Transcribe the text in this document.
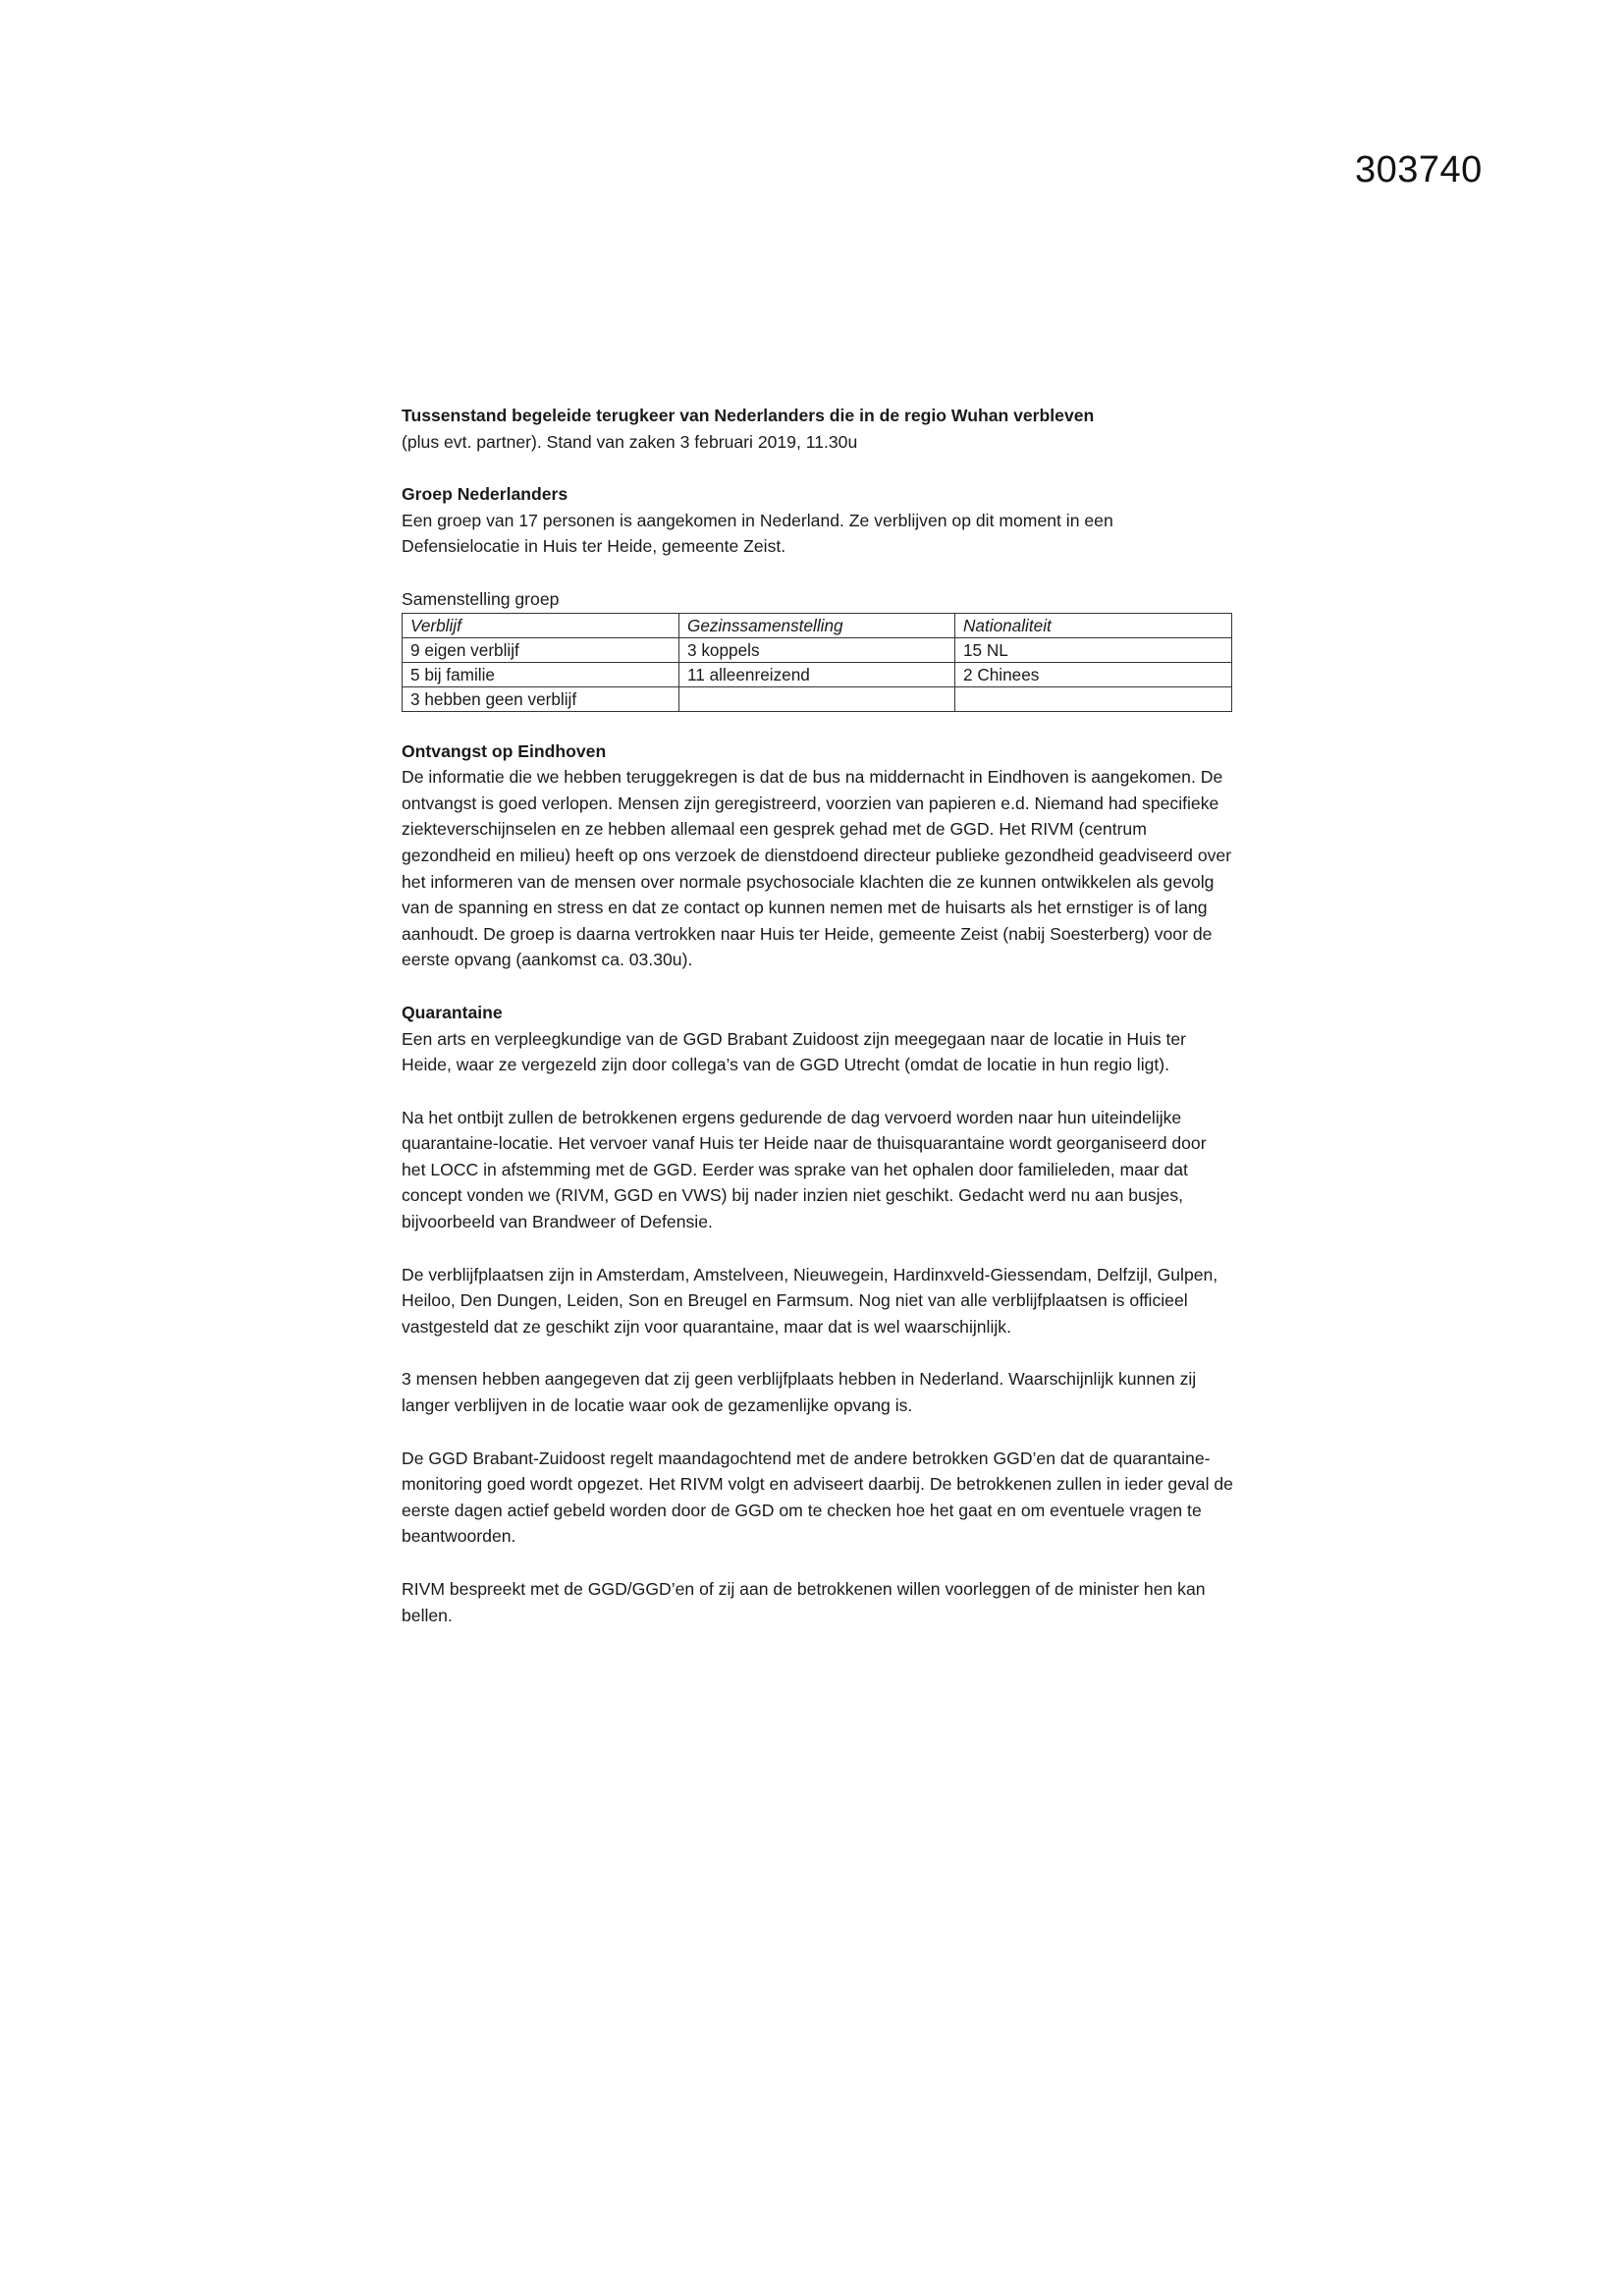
303740

Tussenstand begeleide terugkeer van Nederlanders die in de regio Wuhan verbleven

(plus evt. partner). Stand van zaken 3 februari 2019, 11.30u

Groep Nederlanders

Een groep van 17 personen is aangekomen in Nederland. Ze verblijven op dit moment in een Defensielocatie in Huis ter Heide, gemeente Zeist.

Samenstelling groep

Verblijf	Gezinssamenstelling	Nationaliteit
9 eigen verblijf	3 koppels	15 NL
5 bij familie	11 alleenreizend	2 Chinees
3 hebben geen verblijf		

Ontvangst op Eindhoven

De informatie die we hebben teruggekregen is dat de bus na middernacht in Eindhoven is aangekomen. De ontvangst is goed verlopen. Mensen zijn geregistreerd, voorzien van papieren e.d. Niemand had specifieke ziekteverschijnselen en ze hebben allemaal een gesprek gehad met de GGD. Het RIVM (centrum gezondheid en milieu) heeft op ons verzoek de dienstdoend directeur publieke gezondheid geadviseerd over het informeren van de mensen over normale psychosociale klachten die ze kunnen ontwikkelen als gevolg van de spanning en stress en dat ze contact op kunnen nemen met de huisarts als het ernstiger is of lang aanhoudt. De groep is daarna vertrokken naar Huis ter Heide, gemeente Zeist (nabij Soesterberg) voor de eerste opvang (aankomst ca. 03.30u).

Quarantaine

Een arts en verpleegkundige van de GGD Brabant Zuidoost zijn meegegaan naar de locatie in Huis ter Heide, waar ze vergezeld zijn door collega’s van de GGD Utrecht (omdat de locatie in hun regio ligt).

Na het ontbijt zullen de betrokkenen ergens gedurende de dag vervoerd worden naar hun uiteindelijke quarantaine-locatie. Het vervoer vanaf Huis ter Heide naar de thuisquarantaine wordt georganiseerd door het LOCC in afstemming met de GGD. Eerder was sprake van het ophalen door familieleden, maar dat concept vonden we (RIVM, GGD en VWS) bij nader inzien niet geschikt. Gedacht werd nu aan busjes, bijvoorbeeld van Brandweer of Defensie.

De verblijfplaatsen zijn in Amsterdam, Amstelveen, Nieuwegein, Hardinxveld-Giessendam, Delfzijl, Gulpen, Heiloo, Den Dungen, Leiden, Son en Breugel en Farmsum. Nog niet van alle verblijfplaatsen is officieel vastgesteld dat ze geschikt zijn voor quarantaine, maar dat is wel waarschijnlijk.

3 mensen hebben aangegeven dat zij geen verblijfplaats hebben in Nederland. Waarschijnlijk kunnen zij langer verblijven in de locatie waar ook de gezamenlijke opvang is.

De GGD Brabant-Zuidoost regelt maandagochtend met de andere betrokken GGD’en dat de quarantaine-monitoring goed wordt opgezet. Het RIVM volgt en adviseert daarbij. De betrokkenen zullen in ieder geval de eerste dagen actief gebeld worden door de GGD om te checken hoe het gaat en om eventuele vragen te beantwoorden.

RIVM bespreekt met de GGD/GGD’en of zij aan de betrokkenen willen voorleggen of de minister hen kan bellen.
